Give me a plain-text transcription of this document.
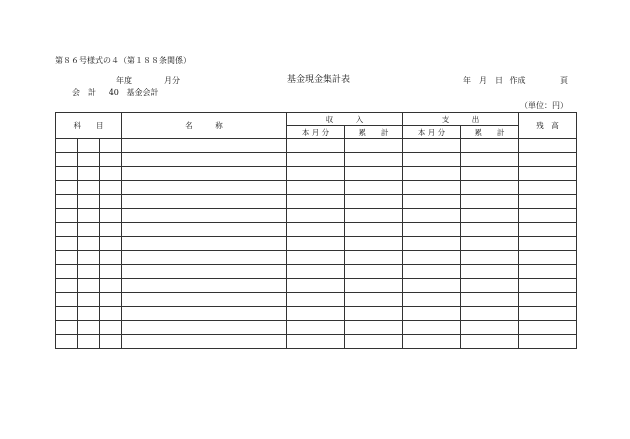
第８６号様式の４（第１８８条関係）
年度	月分	基金現金集計表	年　月　日 作成	頁
会　計 40 基金会計
（単位：円）
科　　目			名　　　称	収　　　入		支　　　出		残　高
				本 月 分	累　　計	本 月 分	累　　計	
